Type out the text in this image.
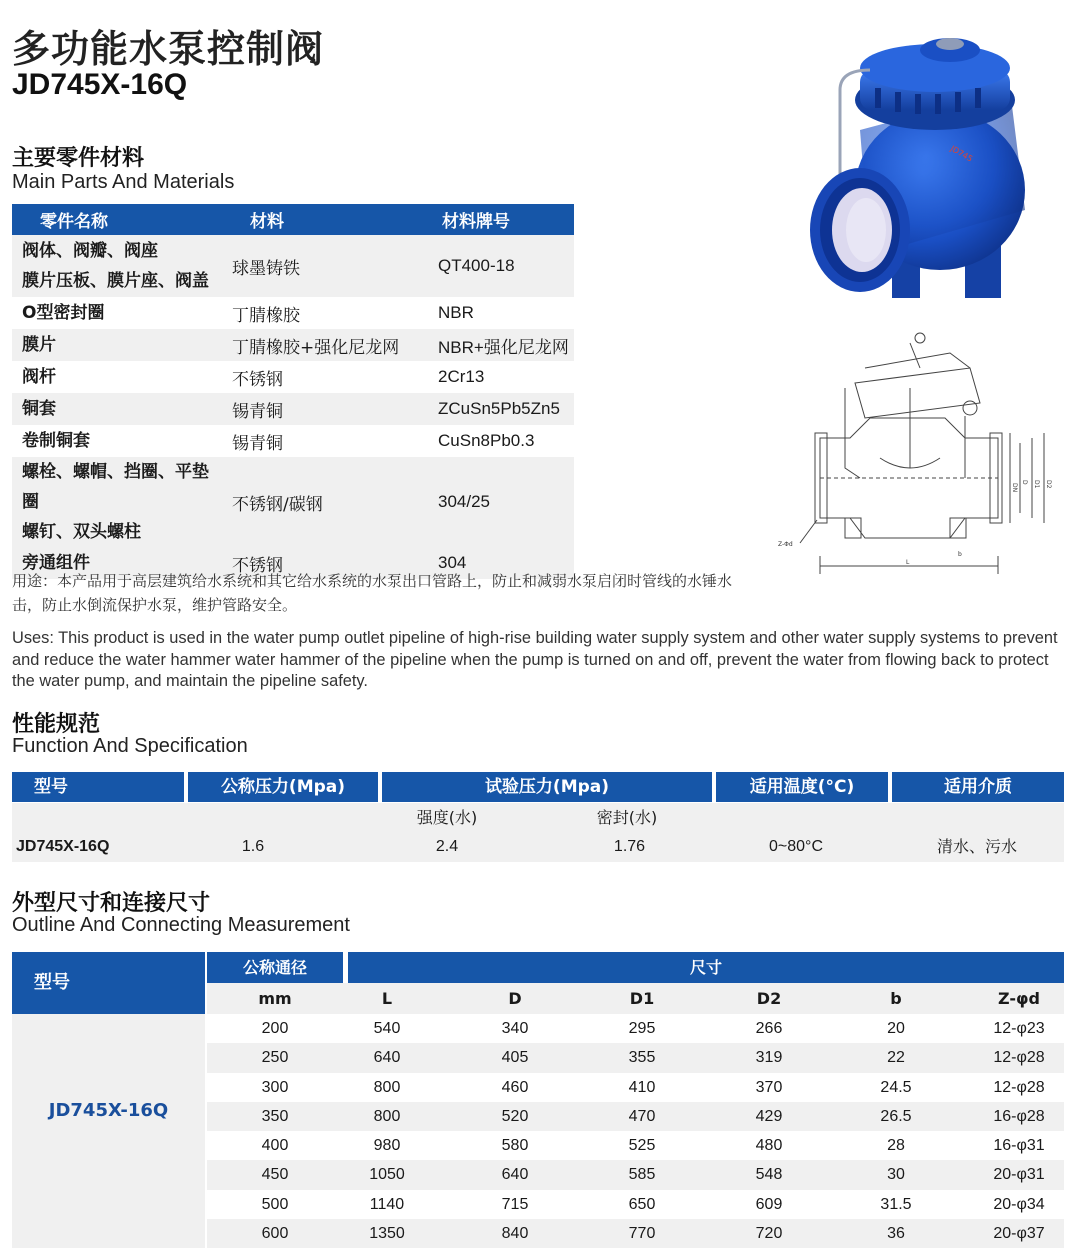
多功能水泵控制阀
JD745X-16Q
主要零件材料
Main Parts And Materials
零件名称	材料	材料牌号

阀体、阀瓣、阀座
膜片压板、膜片座、阀盖	球墨铸铁	QT400-18
O型密封圈	丁腈橡胶	NBR
膜片	丁腈橡胶+强化尼龙网	NBR+强化尼龙网
阀杆	不锈钢	2Cr13
铜套	锡青铜	ZCuSn5Pb5Zn5
卷制铜套	锡青铜	CuSn8Pb0.3

螺栓、螺帽、挡圈、平垫圈
螺钉、双头螺柱	不锈钢/碳钢	304/25
旁通组件	不锈钢	304
JD745
Z-Φd
DN
D D1 D2
L
b
用途：本产品用于高层建筑给水系统和其它给水系统的水泵出口管路上，防止和减弱水泵启闭时管线的水锤水击，防止水倒流保护水泵，维护管路安全。
Uses: This product is used in the water pump outlet pipeline of high-rise building water supply system and other water supply systems to prevent and reduce the water hammer water hammer of the pipeline when the pump is turned on and off, prevent the water from flowing back to protect the water pump, and maintain the pipeline safety.
性能规范
Function And Specification
型号	公称压力(Mpa)	试验压力(Mpa)	适用温度(°C)	适用介质
强度(水)	密封(水)
JD745X-16Q	1.6	2.4	1.76	0~80°C	清水、污水
外型尺寸和连接尺寸
Outline And Connecting Measurement
型号
公称通径	尺寸
mm	L	D	D1	D2	b	Z-φd
JD745X-16Q
200	540	340	295	266	20	12-φ23
250	640	405	355	319	22	12-φ28
300	800	460	410	370	24.5	12-φ28
350	800	520	470	429	26.5	16-φ28
400	980	580	525	480	28	16-φ31
450	1050	640	585	548	30	20-φ31
500	1140	715	650	609	31.5	20-φ34
600	1350	840	770	720	36	20-φ37
